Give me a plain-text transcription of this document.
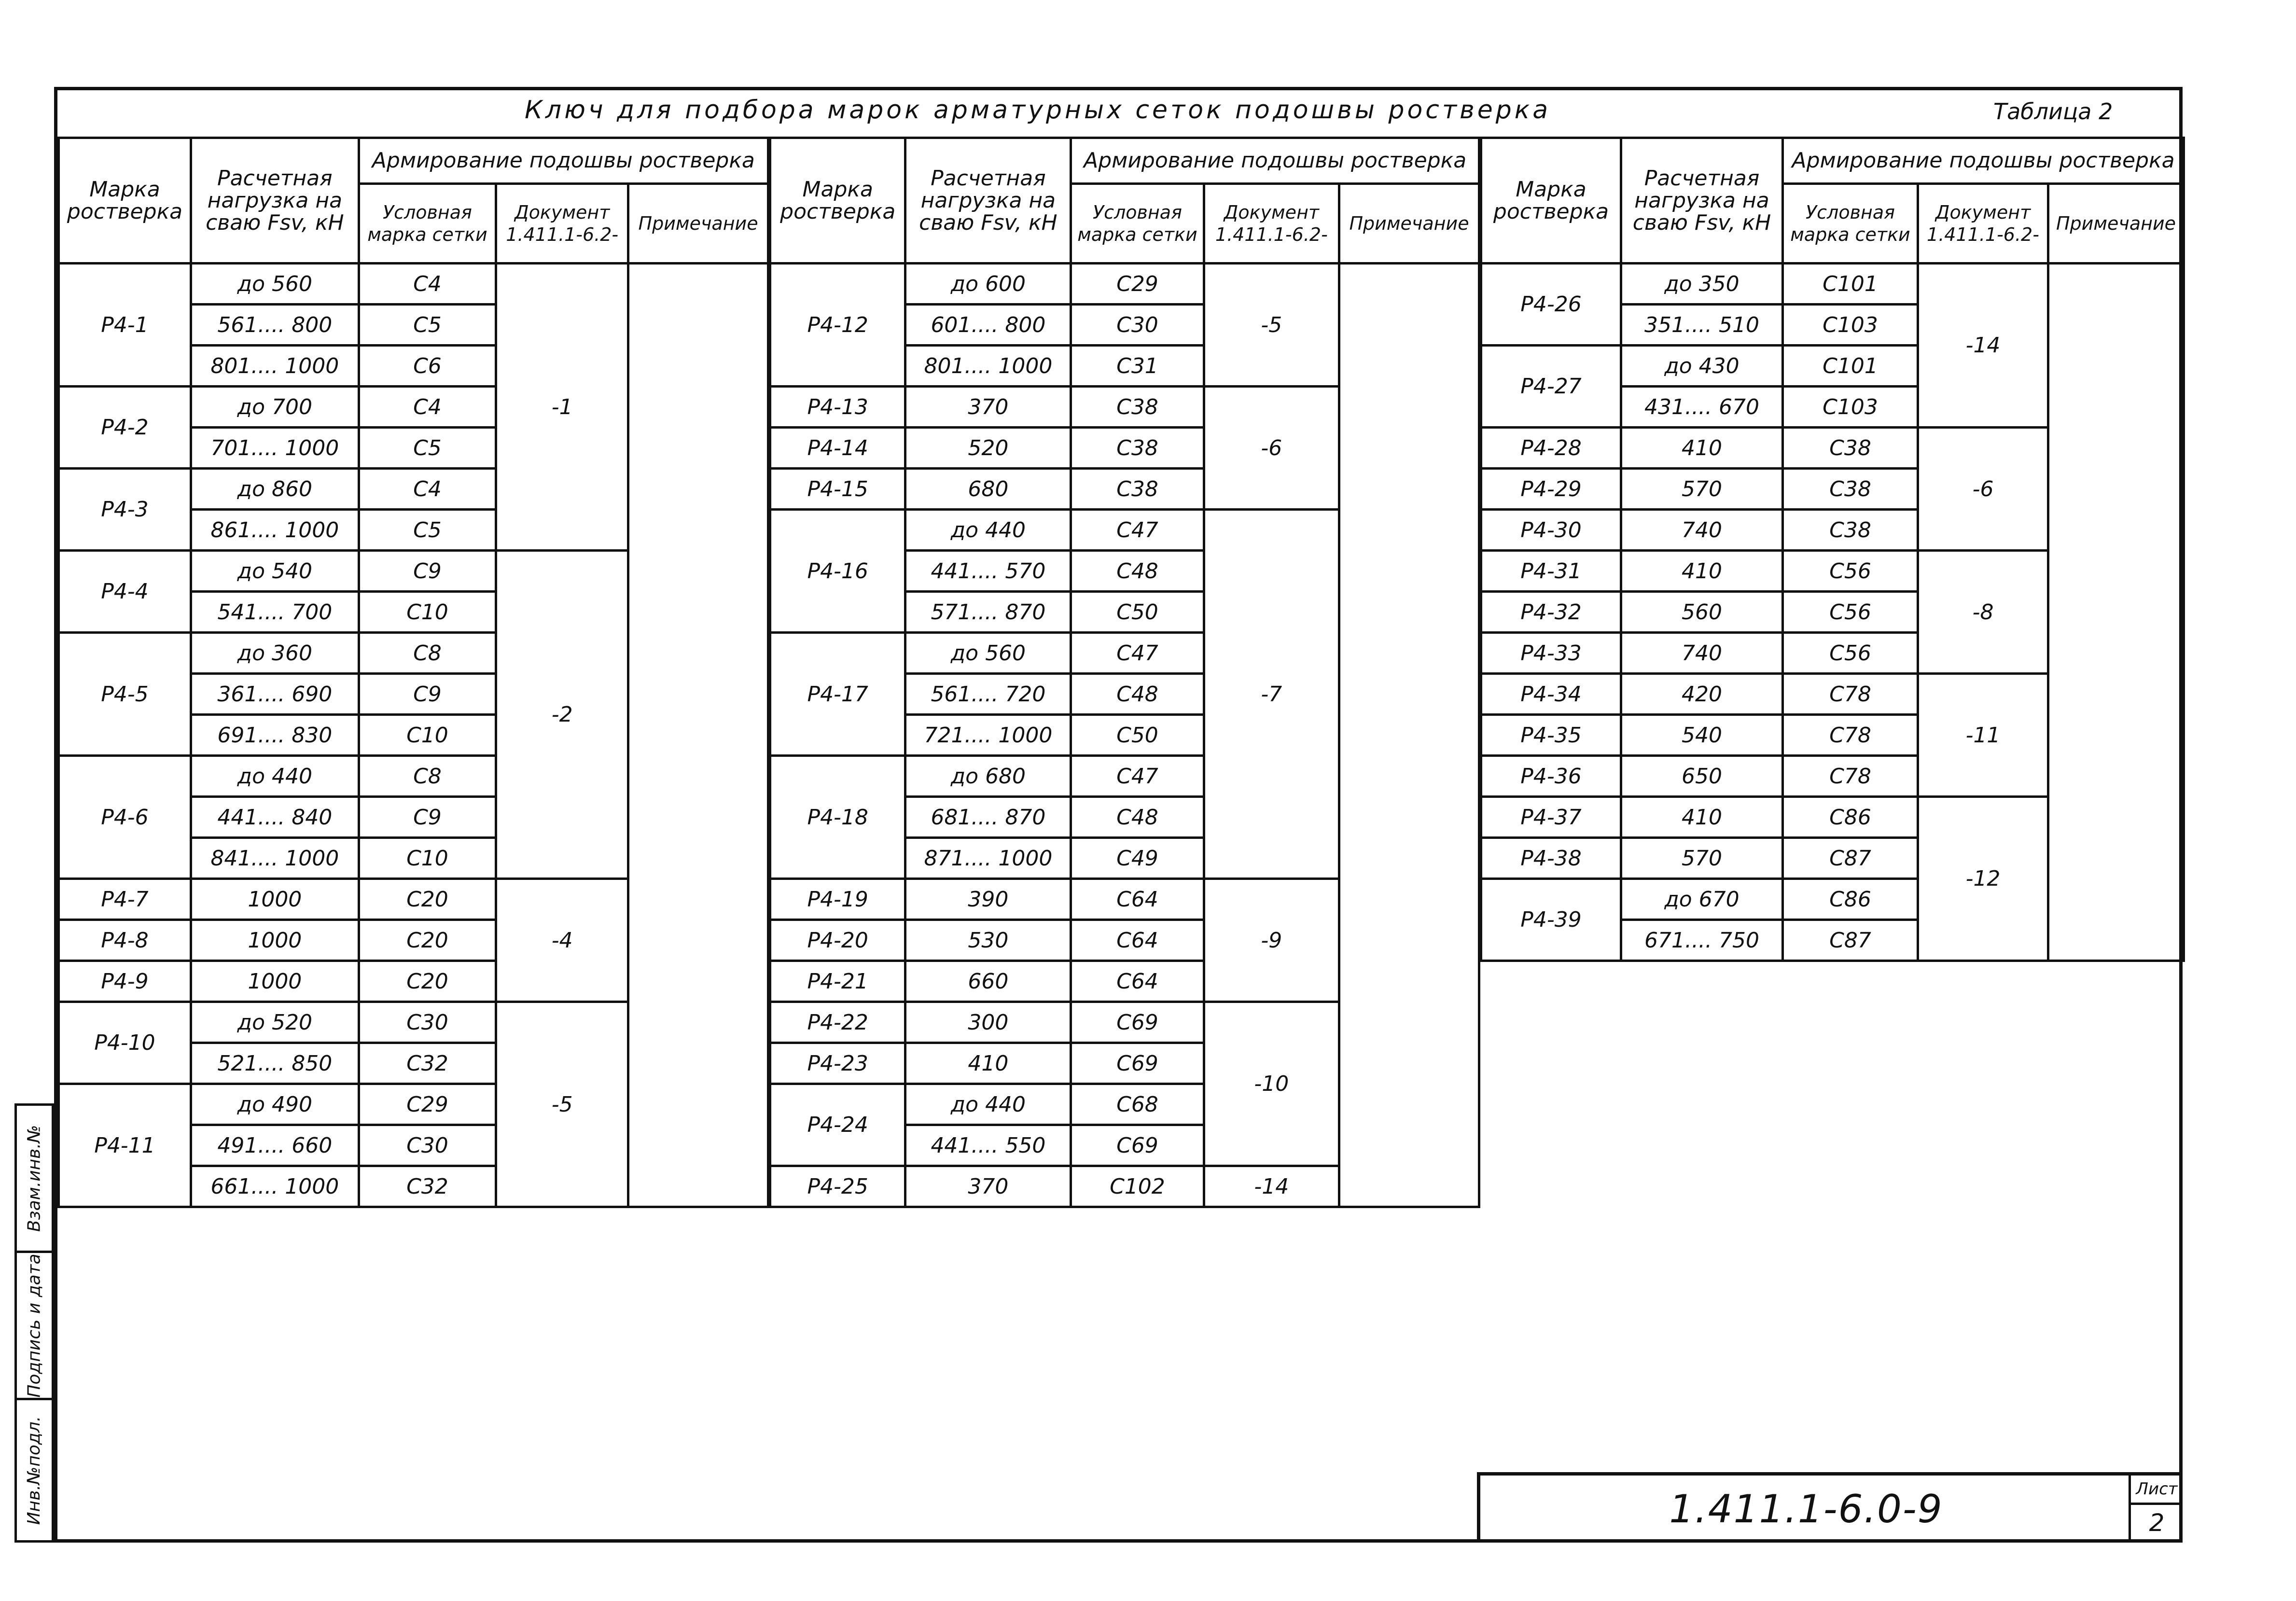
Ключ для подбора марок арматурных сеток подошвы ростверка	Таблица 2
Марка ростверка	Расчетная нагрузка на сваю Fsv, кН	Армирование подошвы ростверка		
		Условная марка сетки	Документ 1.411.1-6.2-	Примечание
Р4-1	до 560	С4	-1	
	561.... 800	С5		
	801.... 1000	С6		
Р4-2	до 700	С4		
	701.... 1000	С5		
Р4-3	до 860	С4		
	861.... 1000	С5		
Р4-4	до 540	С9	-2	
	541.... 700	С10		
Р4-5	до 360	С8		
	361.... 690	С9		
	691.... 830	С10		
Р4-6	до 440	С8		
	441.... 840	С9		
	841.... 1000	С10		
Р4-7	1000	С20	-4	
Р4-8	1000	С20		
Р4-9	1000	С20		
Р4-10	до 520	С30	-5	
	521.... 850	С32		
Р4-11	до 490	С29		
	491.... 660	С30		
	661.... 1000	С32		
Марка ростверка	Расчетная нагрузка на сваю Fsv, кН	Армирование подошвы ростверка		
		Условная марка сетки	Документ 1.411.1-6.2-	Примечание
Р4-12	до 600	С29	-5	
	601.... 800	С30		
	801.... 1000	С31		
Р4-13	370	С38	-6	
Р4-14	520	С38		
Р4-15	680	С38		
Р4-16	до 440	С47	-7	
	441.... 570	С48		
	571.... 870	С50		
Р4-17	до 560	С47		
	561.... 720	С48		
	721.... 1000	С50		
Р4-18	до 680	С47		
	681.... 870	С48		
	871.... 1000	С49		
Р4-19	390	С64	-9	
Р4-20	530	С64		
Р4-21	660	С64		
Р4-22	300	С69	-10	
Р4-23	410	С69		
Р4-24	до 440	С68		
	441.... 550	С69		
Р4-25	370	С102	-14	
Марка ростверка	Расчетная нагрузка на сваю Fsv, кН	Армирование подошвы ростверка		
		Условная марка сетки	Документ 1.411.1-6.2-	Примечание
Р4-26	до 350	С101	-14	
	351.... 510	С103		
Р4-27	до 430	С101		
	431.... 670	С103		
Р4-28	410	С38	-6	
Р4-29	570	С38		
Р4-30	740	С38		
Р4-31	410	С56	-8	
Р4-32	560	С56		
Р4-33	740	С56		
Р4-34	420	С78	-11	
Р4-35	540	С78		
Р4-36	650	С78		
Р4-37	410	С86	-12	
Р4-38	570	С87		
Р4-39	до 670	С86		
	671.... 750	С87		
Взам.инв.№
Подпись и дата
Инв.№подл.	1.411.1-6.0-9	Лист
2
